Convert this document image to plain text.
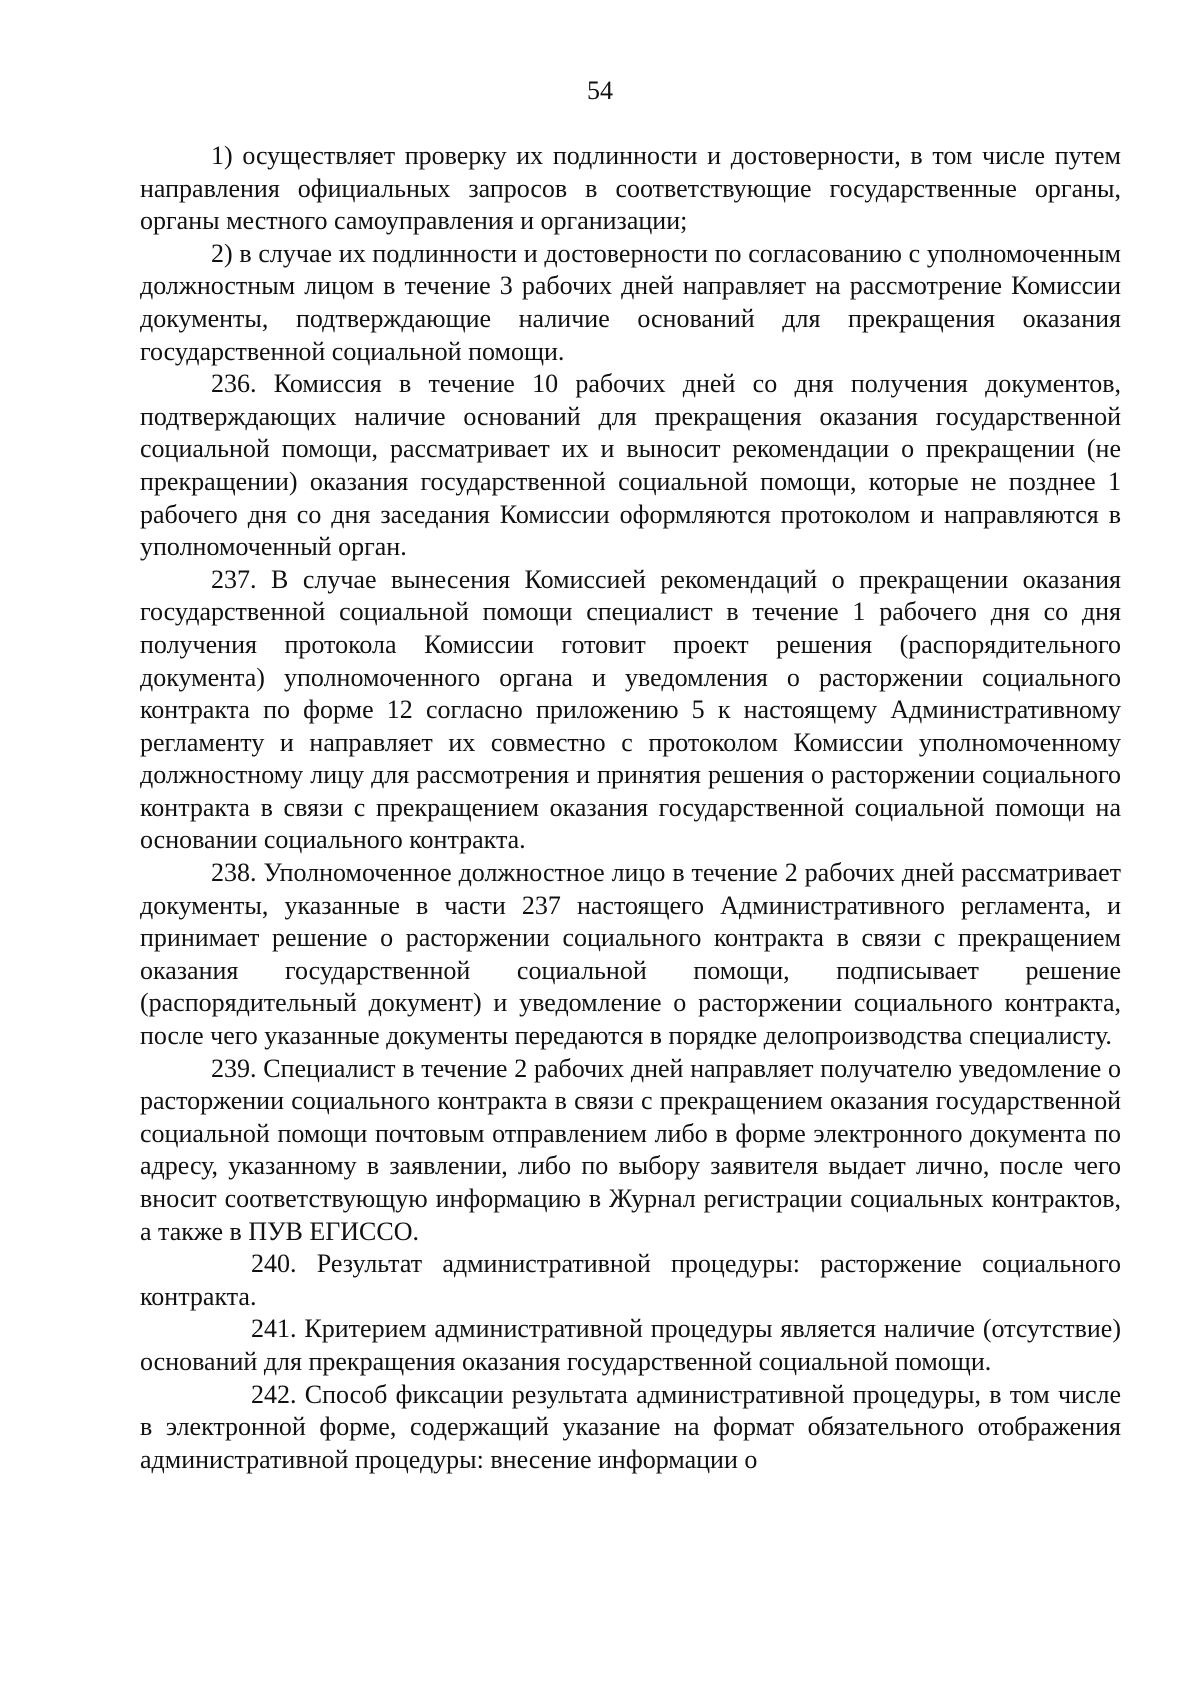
54

1) осуществляет проверку их подлинности и достоверности, в том числе путем направления официальных запросов в соответствующие государственные органы, органы местного самоуправления и организации;

2) в случае их подлинности и достоверности по согласованию с уполномоченным должностным лицом в течение 3 рабочих дней направляет на рассмотрение Комиссии документы, подтверждающие наличие оснований для прекращения оказания государственной социальной помощи.

236. Комиссия в течение 10 рабочих дней со дня получения документов, подтверждающих наличие оснований для прекращения оказания государственной социальной помощи, рассматривает их и выносит рекомендации о прекращении (не прекращении) оказания государственной социальной помощи, которые не позднее 1 рабочего дня со дня заседания Комиссии оформляются протоколом и направляются в уполномоченный орган.

237. В случае вынесения Комиссией рекомендаций о прекращении оказания государственной социальной помощи специалист в течение 1 рабочего дня со дня получения протокола Комиссии готовит проект решения (распорядительного документа) уполномоченного органа и уведомления о расторжении социального контракта по форме 12 согласно приложению 5 к настоящему Административному регламенту и направляет их совместно с протоколом Комиссии уполномоченному должностному лицу для рассмотрения и принятия решения о расторжении социального контракта в связи с прекращением оказания государственной социальной помощи на основании социального контракта.

238. Уполномоченное должностное лицо в течение 2 рабочих дней рассматривает документы, указанные в части 237 настоящего Административного регламента, и принимает решение о расторжении социального контракта в связи с прекращением оказания государственной социальной помощи, подписывает решение (распорядительный документ) и уведомление о расторжении социального контракта, после чего указанные документы передаются в порядке делопроизводства специалисту.

239. Специалист в течение 2 рабочих дней направляет получателю уведомление о расторжении социального контракта в связи с прекращением оказания государственной социальной помощи почтовым отправлением либо в форме электронного документа по адресу, указанному в заявлении, либо по выбору заявителя выдает лично, после чего вносит соответствующую информацию в Журнал регистрации социальных контрактов, а также в ПУВ ЕГИССО.

240. Результат административной процедуры: расторжение социального контракта.

241. Критерием административной процедуры является наличие (отсутствие) оснований для прекращения оказания государственной социальной помощи.

242. Способ фиксации результата административной процедуры, в том числе в электронной форме, содержащий указание на формат обязательного отображения административной процедуры: внесение информации о
